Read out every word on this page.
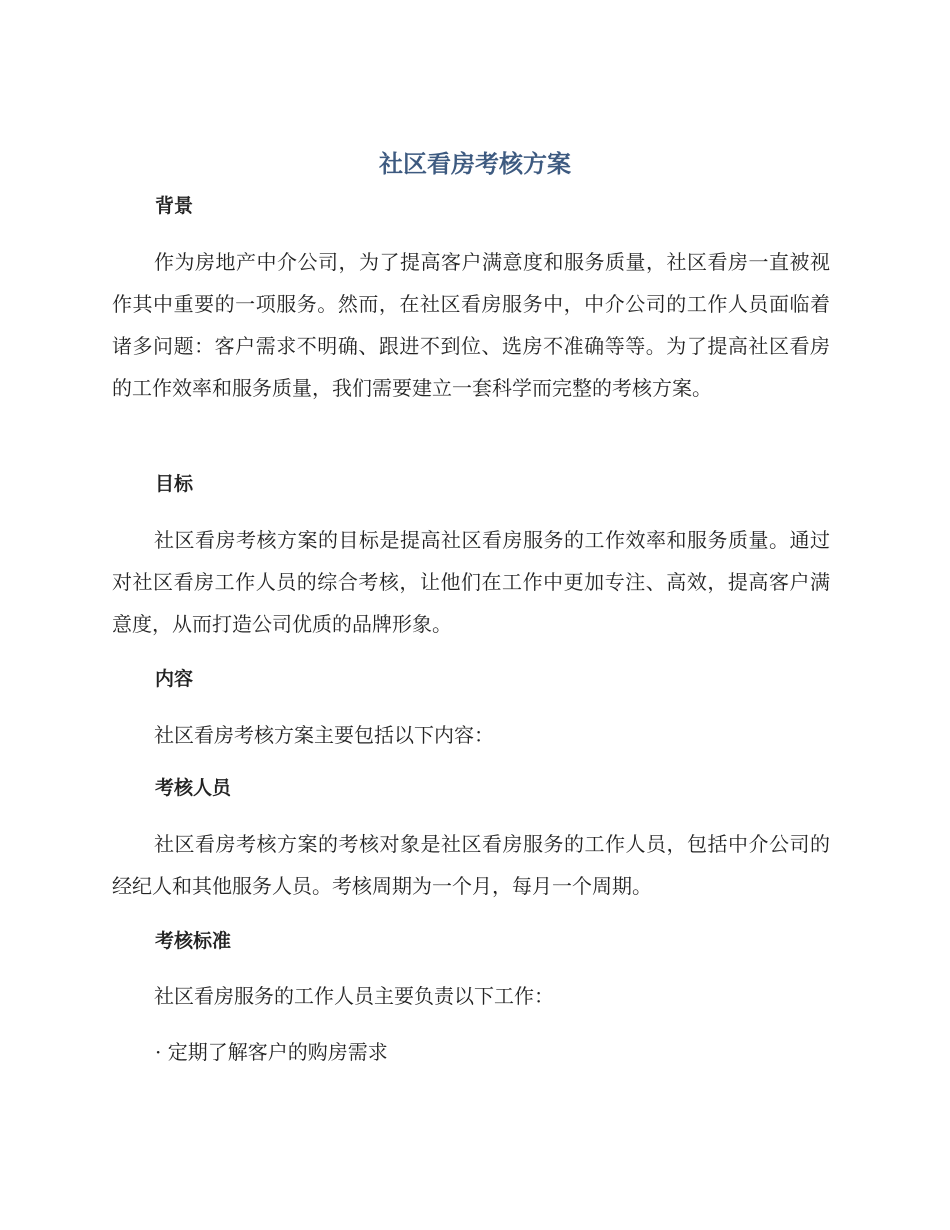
社区看房考核方案
背景
作为房地产中介公司，为了提高客户满意度和服务质量，社区看房一直被视作其中重要的一项服务。然而，在社区看房服务中，中介公司的工作人员面临着诸多问题：客户需求不明确、跟进不到位、选房不准确等等。为了提高社区看房的工作效率和服务质量，我们需要建立一套科学而完整的考核方案。
目标
社区看房考核方案的目标是提高社区看房服务的工作效率和服务质量。通过对社区看房工作人员的综合考核，让他们在工作中更加专注、高效，提高客户满意度，从而打造公司优质的品牌形象。
内容
社区看房考核方案主要包括以下内容：
考核人员
社区看房考核方案的考核对象是社区看房服务的工作人员，包括中介公司的经纪人和其他服务人员。考核周期为一个月，每月一个周期。
考核标准
社区看房服务的工作人员主要负责以下工作：
· 定期了解客户的购房需求
